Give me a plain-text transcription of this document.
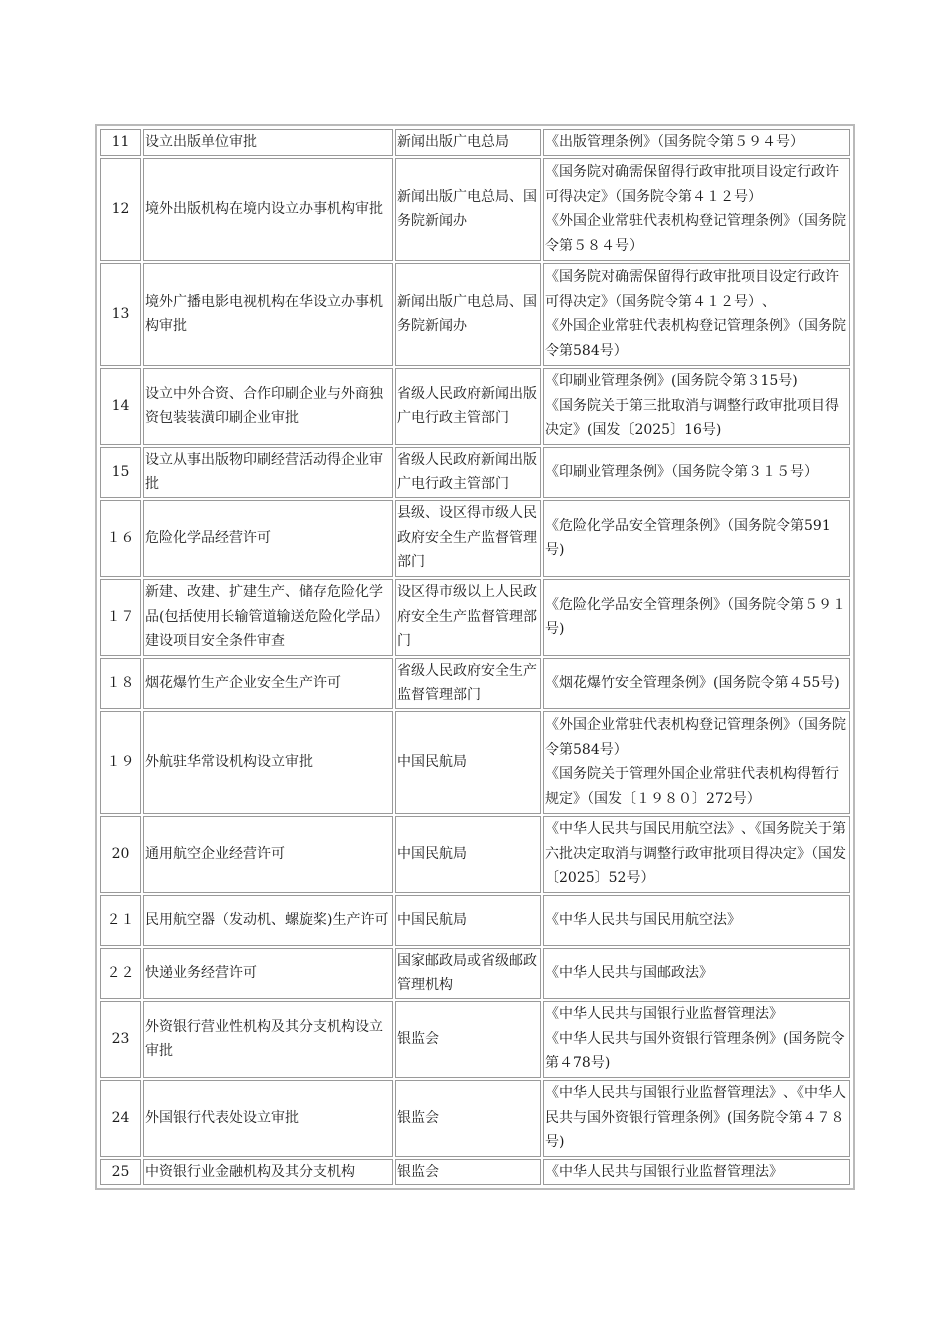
11	设立出版单位审批	新闻出版广电总局	《出版管理条例》（国务院令第５９４号）

12	境外出版机构在境内设立办事机构审批	新闻出版广电总局﻿、国务院新闻办	《国务院对确需保留得行政审批项目设定行政许可得决定》（国务院令第４１２号）
《外国企业常驻代表机构登记管理条例》（国务院令第５８４号）

13	境外广播电影电视机构在华设立办事机构审批	新闻出版广电总局﻿、国务院新闻办	《国务院对确需保留得行政审批项目设定行政许可得决定》（国务院令第４１２号）﻿、
《外国企业常驻代表机构登记管理条例》（国务院令第584号）

14	设立中外合资、合作印刷企业与外商独资包装装潢印刷企业审批	省级人民政府新闻出版广电行政主管部门	《印刷业管理条例》(国务院令第３15号)
《国务院关于第三批取消与调整行政审批项目得决定》(国发〔2025〕16号)

15	设立从事出版物印刷经营活动得企业审批	省级人民政府新闻出版广电行政主管部门	《印刷业管理条例》（国务院令第３１５号）

１６	危险化学品经营许可	县级、设区得市级人民政府安全生产监督管理部门	《危险化学品安全管理条例》（国务院令第591号)

１７	新建、改建、扩建生产、储存危险化学品(包括使用长输管道输送危险化学品）建设项目安全条件审查	设区得市级以上人民政府安全生产监督管理部门	《危险化学品安全管理条例》（国务院令第５９１号)

１８	烟花爆竹生产企业安全生产许可	省级人民政府安全生产监督管理部门	《烟花爆竹安全管理条例》(国务院令第４55号)

１９	外航驻华常设机构设立审批	中国民航局	《外国企业常驻代表机构登记管理条例》（国务院令第584号）
《国务院关于管理外国企业常驻代表机构得暂行规定》（国发〔１９８０〕272号）

20	通用航空企业经营许可	中国民航局	《中华人民共与国民用航空法》﻿、《国务院关于第六批决定取消与调整行政审批项目得决定》（国发〔2025〕52号）

２１	民用航空器（发动机、螺旋桨)生产许可	中国民航局	《中华人民共与国民用航空法》

２２	快递业务经营许可	国家邮政局或省级邮政管理机构	《中华人民共与国邮政法》

23	外资银行营业性机构及其分支机构设立审批	银监会	《中华人民共与国银行业监督管理法》
《中华人民共与国外资银行管理条例》(国务院令第４78号)

24	外国银行代表处设立审批	银监会	《中华人民共与国银行业监督管理法》﻿、《中华人民共与国外资银行管理条例》(国务院令第４７８号)

25	中资银行业金融机构及其分支机构	银监会	《中华人民共与国银行业监督管理法》
